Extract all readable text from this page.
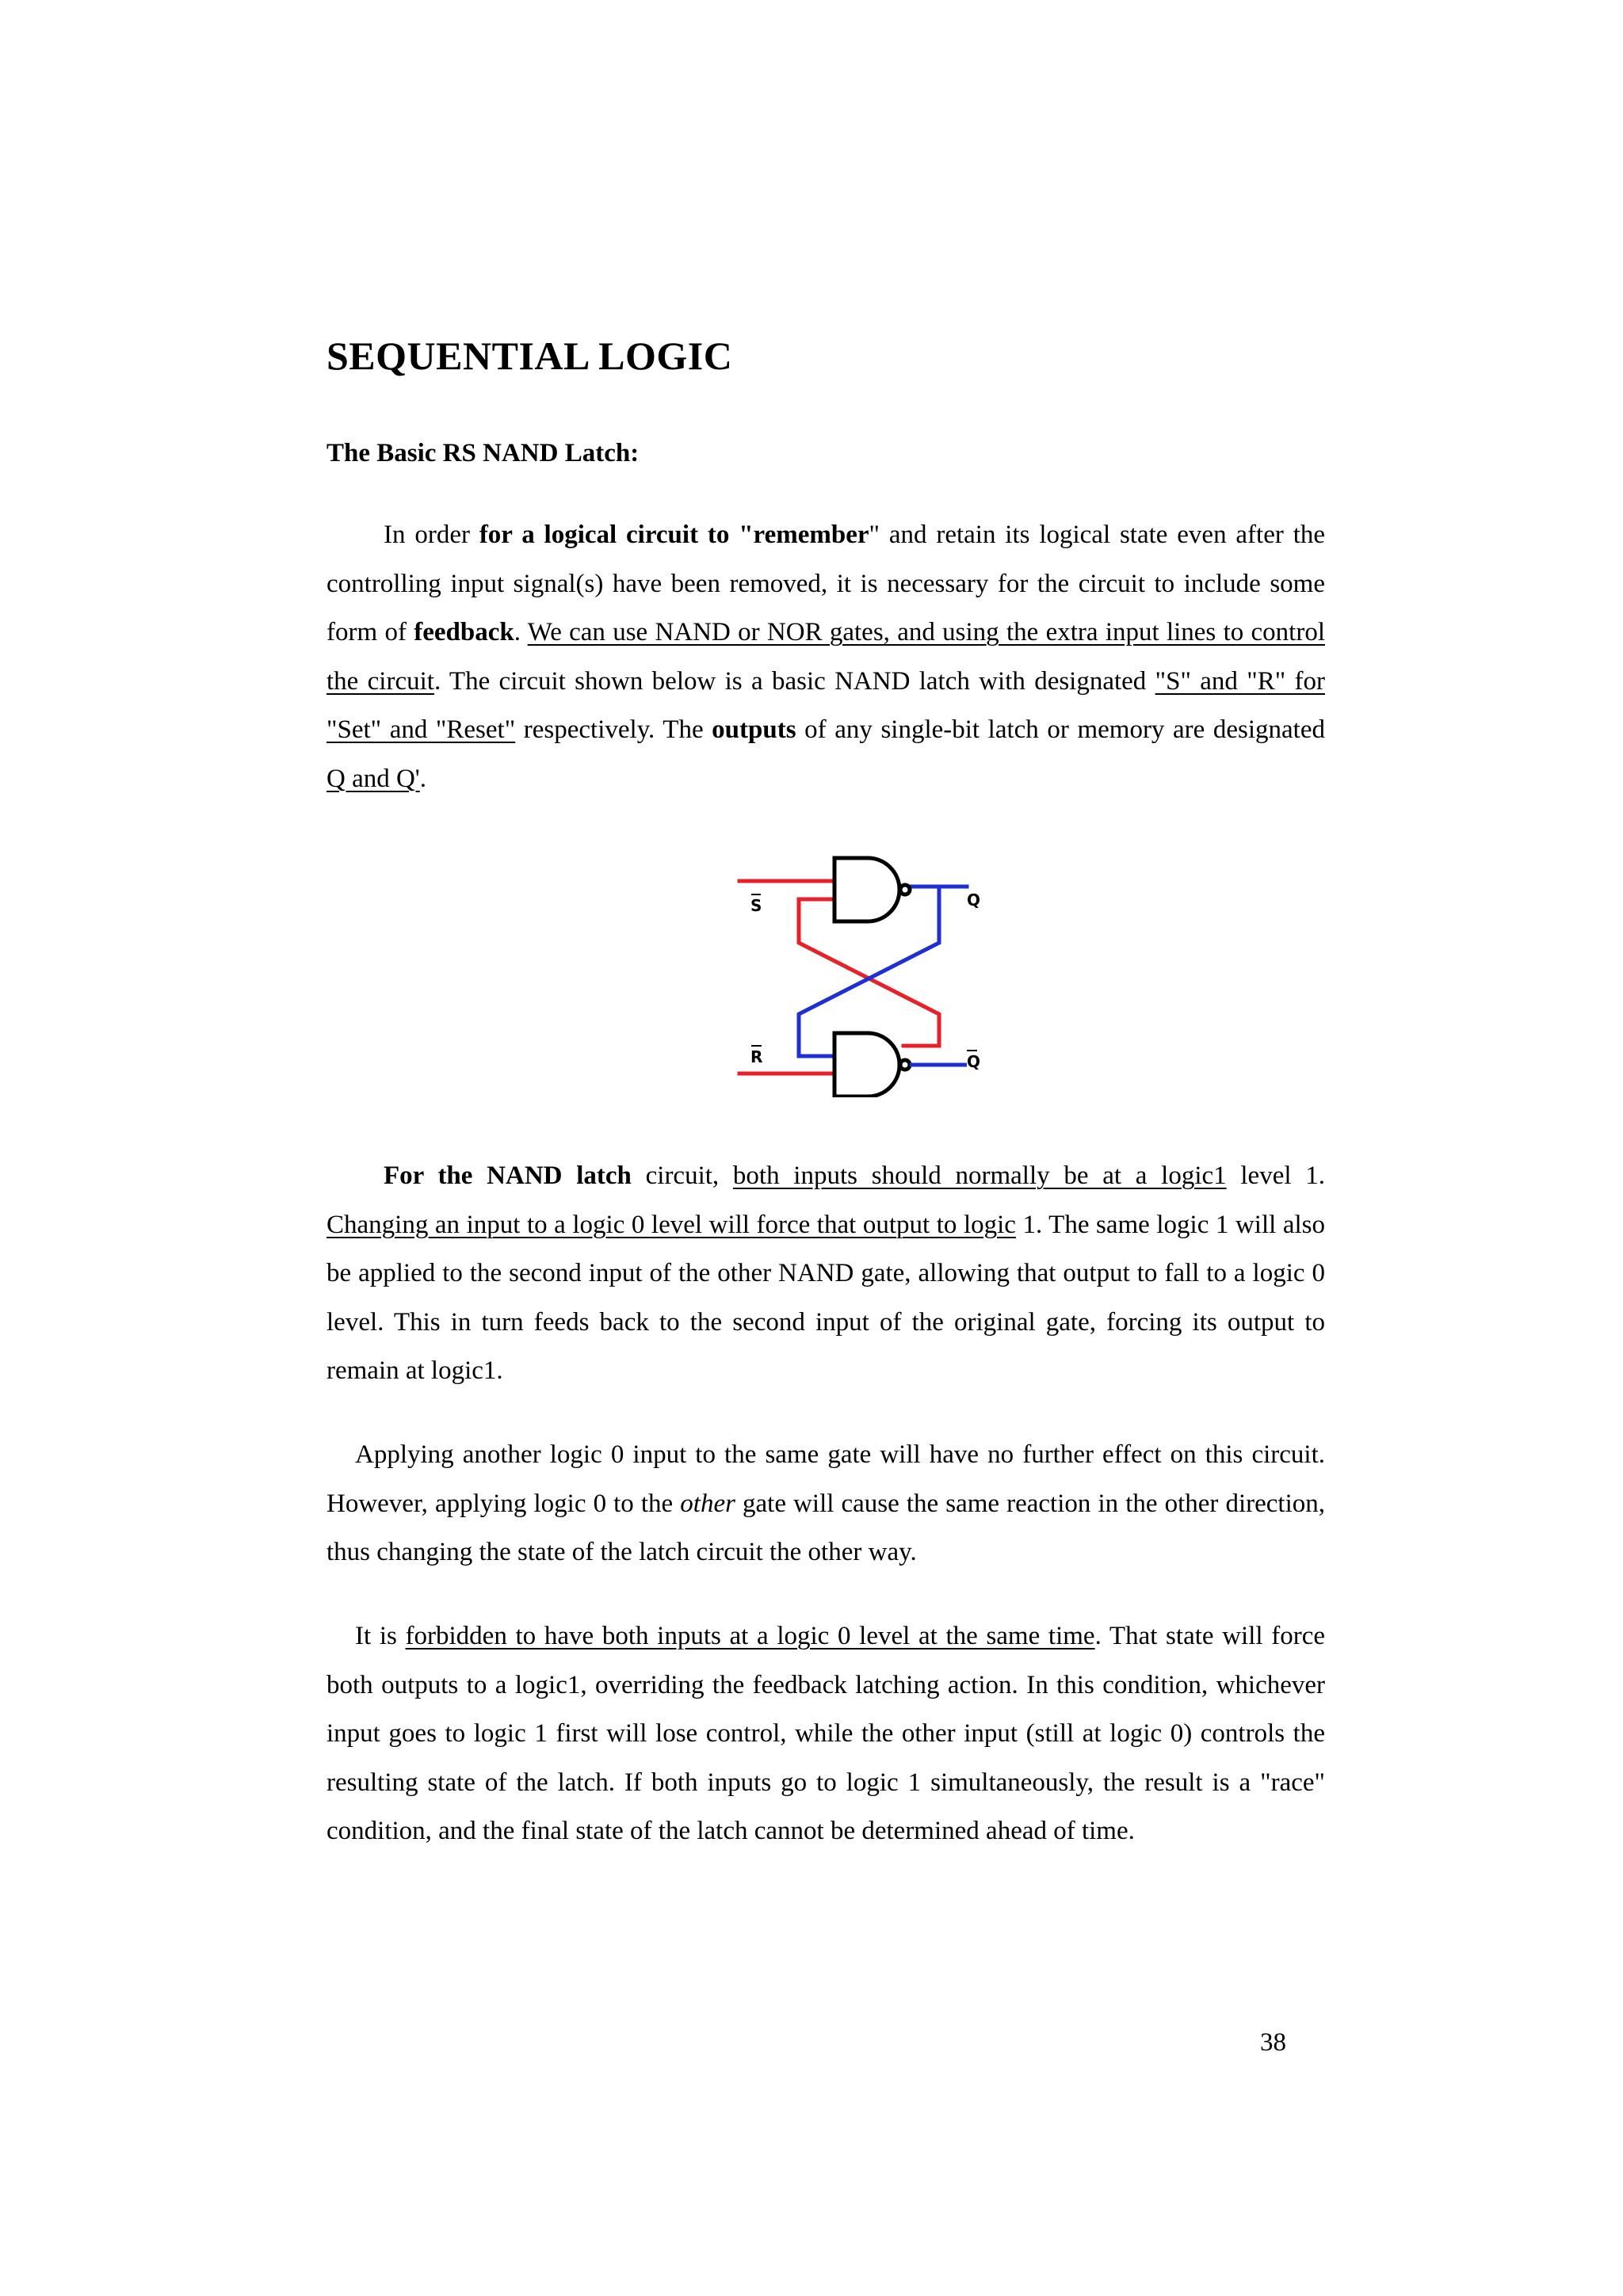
SEQUENTIAL LOGIC
The Basic RS NAND Latch:

In order for a logical circuit to "remember" and retain its logical state even after the controlling input signal(s) have been removed, it is necessary for the circuit to include some form of feedback. We can use NAND or NOR gates, and using the extra input lines to control the circuit. The circuit shown below is a basic NAND latch with designated "S" and "R" for "Set" and "Reset" respectively. The outputs of any single-bit latch or memory are designated Q and Q'.

S	Q
R	Q

For the NAND latch circuit, both inputs should normally be at a logic1 level 1. Changing an input to a logic 0 level will force that output to logic 1. The same logic 1 will also be applied to the second input of the other NAND gate, allowing that output to fall to a logic 0 level. This in turn feeds back to the second input of the original gate, forcing its output to remain at logic1.

Applying another logic 0 input to the same gate will have no further effect on this circuit. However, applying logic 0 to the other gate will cause the same reaction in the other direction, thus changing the state of the latch circuit the other way.

It is forbidden to have both inputs at a logic 0 level at the same time. That state will force both outputs to a logic1, overriding the feedback latching action. In this condition, whichever input goes to logic 1 first will lose control, while the other input (still at logic 0) controls the resulting state of the latch. If both inputs go to logic 1 simultaneously, the result is a "race" condition, and the final state of the latch cannot be determined ahead of time.

38
